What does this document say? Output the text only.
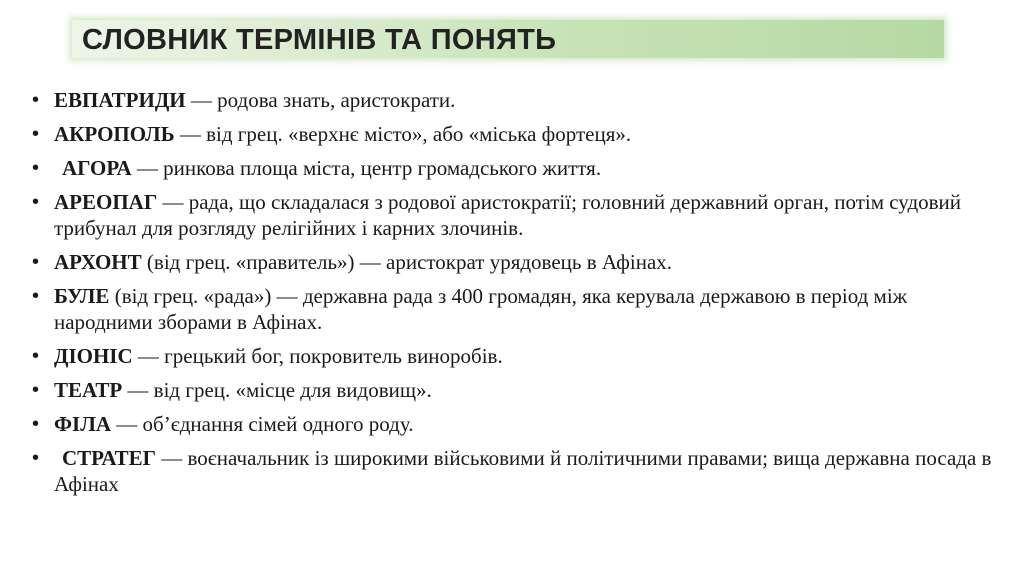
СЛОВНИК ТЕРМІНІВ ТА ПОНЯТЬ
• ЕВПАТРИДИ — родова знать, аристократи.
• АКРОПОЛЬ — від грец. «верхнє місто», або «міська фортеця».
• АГОРА — ринкова площа міста, центр громадського життя.
• АРЕОПАГ — рада, що складалася з родової аристократії; головний державний орган, потім судовий трибунал для розгляду релігійних і карних злочинів.
• АРХОНТ (від грец. «правитель») — аристократ урядовець в Афінах.
• БУЛЕ (від грец. «рада») — державна рада з 400 громадян, яка керувала державою в період між народними зборами в Афінах.
• ДІОНІС — грецький бог, покровитель виноробів.
• ТЕАТР — від грец. «місце для видовищ».
• ФІЛА — об’єднання сімей одного роду.
• СТРАТЕГ — воєначальник із широкими військовими й політичними правами; вища державна посада в Афінах
